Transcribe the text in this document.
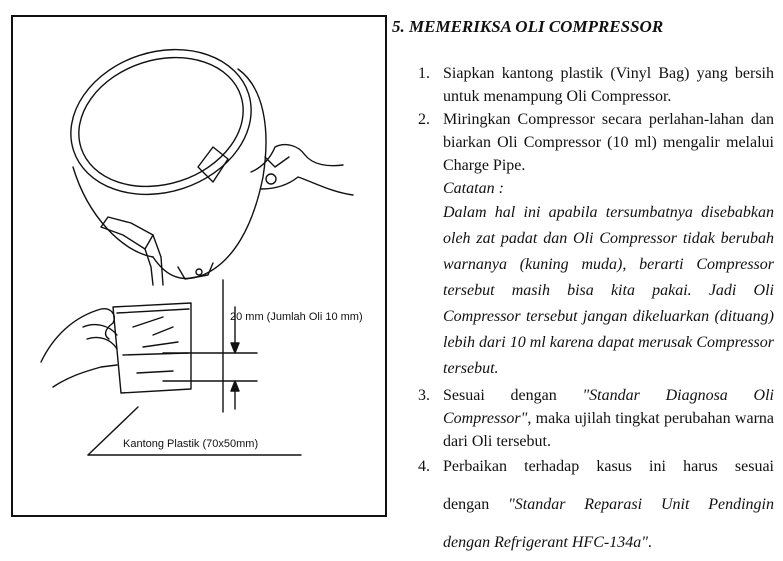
20 mm (Jumlah Oli 10 mm)
Kantong Plastik (70x50mm)
5. MEMERIKSA OLI COMPRESSOR
1. Siapkan kantong plastik (Vinyl Bag) yang bersih untuk menampung Oli Compressor.
2. Miringkan Compressor secara perlahan-lahan dan biarkan Oli Compressor (10 ml) mengalir melalui Charge Pipe.
Catatan :
Dalam hal ini apabila tersumbatnya disebabkan oleh zat padat dan Oli Compressor tidak berubah warnanya (kuning muda), berarti Compressor tersebut masih bisa kita pakai. Jadi Oli Compressor tersebut jangan dikeluarkan (dituang) lebih dari 10 ml karena dapat merusak Compressor tersebut.
3. Sesuai dengan "Standar Diagnosa Oli Compressor", maka ujilah tingkat perubahan warna dari Oli tersebut.
4. Perbaikan terhadap kasus ini harus sesuai
dengan "Standar Reparasi Unit Pendingin
dengan Refrigerant HFC-134a".
